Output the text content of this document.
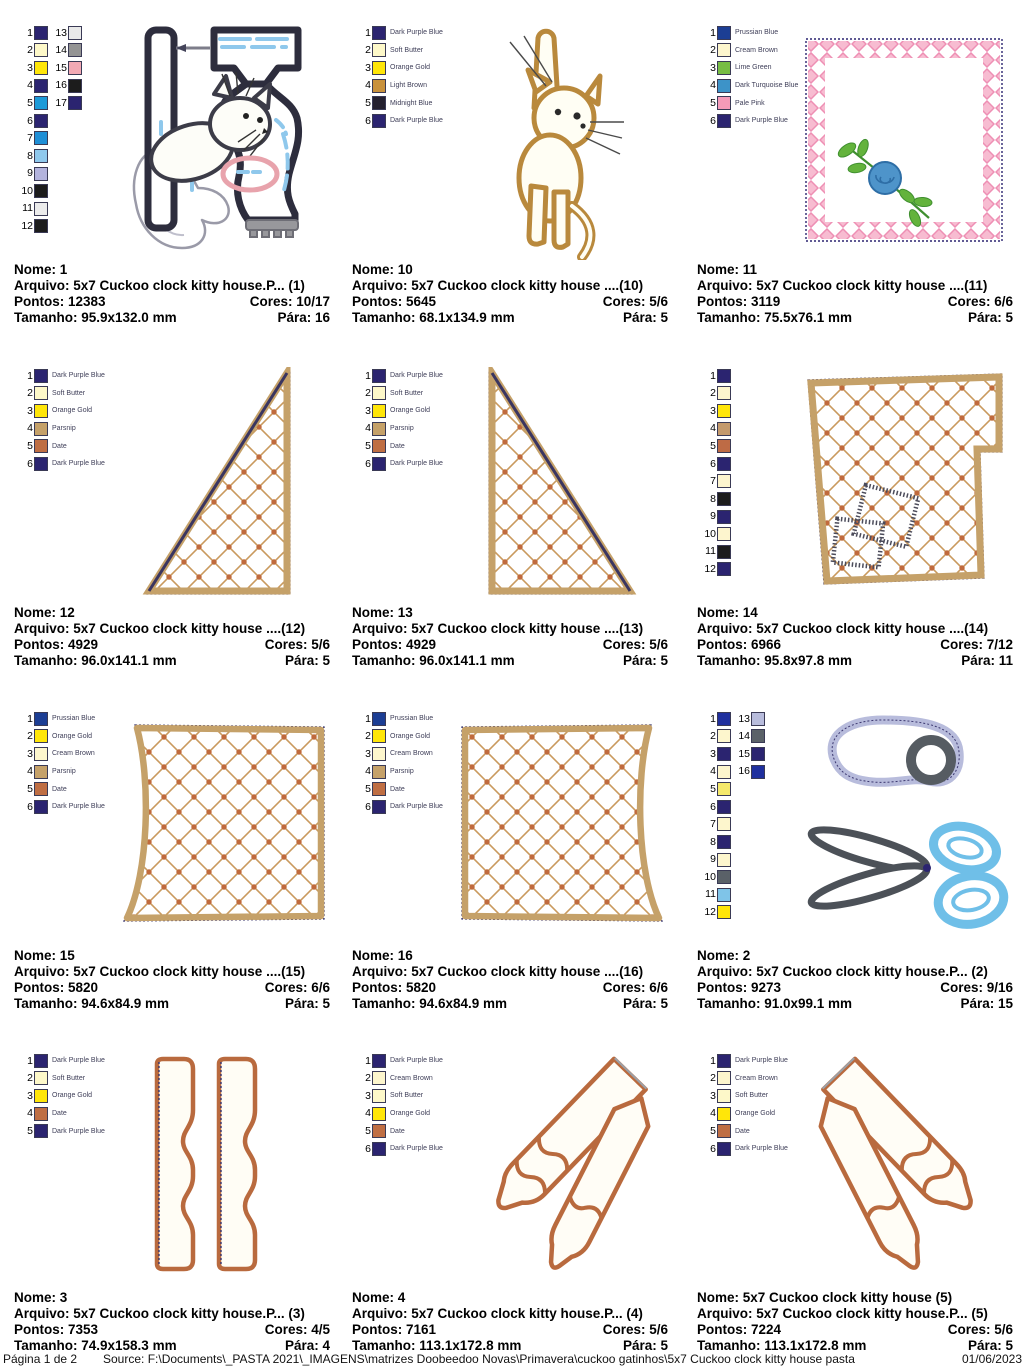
1
2
3
4
5
6
7
8
9
10
11
12
13
14
15
16
17
Nome: 1
Arquivo: 5x7 Cuckoo clock kitty house.P... (1)
Pontos: 12383	Cores: 10/17
Tamanho: 95.9x132.0 mm	Pára: 16
1	Dark Purple Blue
2	Soft Butter
3	Orange Gold
4	Light Brown
5	Midnight Blue
6	Dark Purple Blue
Nome: 10
Arquivo: 5x7 Cuckoo clock kitty house ....(10)
Pontos: 5645	Cores: 5/6
Tamanho: 68.1x134.9 mm	Pára: 5
1	Prussian Blue
2	Cream Brown
3	Lime Green
4	Dark Turquoise Blue
5	Pale Pink
6	Dark Purple Blue
Nome: 11
Arquivo: 5x7 Cuckoo clock kitty house ....(11)
Pontos: 3119	Cores: 6/6
Tamanho: 75.5x76.1 mm	Pára: 5
1	Dark Purple Blue
2	Soft Butter
3	Orange Gold
4	Parsnip
5	Date
6	Dark Purple Blue
Nome: 12
Arquivo: 5x7 Cuckoo clock kitty house ....(12)
Pontos: 4929	Cores: 5/6
Tamanho: 96.0x141.1 mm	Pára: 5
1	Dark Purple Blue
2	Soft Butter
3	Orange Gold
4	Parsnip
5	Date
6	Dark Purple Blue
Nome: 13
Arquivo: 5x7 Cuckoo clock kitty house ....(13)
Pontos: 4929	Cores: 5/6
Tamanho: 96.0x141.1 mm	Pára: 5
1
2
3
4
5
6
7
8
9
10
11
12
Nome: 14
Arquivo: 5x7 Cuckoo clock kitty house ....(14)
Pontos: 6966	Cores: 7/12
Tamanho: 95.8x97.8 mm	Pára: 11
1	Prussian Blue
2	Orange Gold
3	Cream Brown
4	Parsnip
5	Date
6	Dark Purple Blue
Nome: 15
Arquivo: 5x7 Cuckoo clock kitty house ....(15)
Pontos: 5820	Cores: 6/6
Tamanho: 94.6x84.9 mm	Pára: 5
1	Prussian Blue
2	Orange Gold
3	Cream Brown
4	Parsnip
5	Date
6	Dark Purple Blue
Nome: 16
Arquivo: 5x7 Cuckoo clock kitty house ....(16)
Pontos: 5820	Cores: 6/6
Tamanho: 94.6x84.9 mm	Pára: 5
1
2
3
4
5
6
7
8
9
10
11
12
13
14
15
16
Nome: 2
Arquivo: 5x7 Cuckoo clock kitty house.P... (2)
Pontos: 9273	Cores: 9/16
Tamanho: 91.0x99.1 mm	Pára: 15
1	Dark Purple Blue
2	Soft Butter
3	Orange Gold
4	Date
5	Dark Purple Blue
Nome: 3
Arquivo: 5x7 Cuckoo clock kitty house.P... (3)
Pontos: 7353	Cores: 4/5
Tamanho: 74.9x158.3 mm	Pára: 4
1	Dark Purple Blue
2	Cream Brown
3	Soft Butter
4	Orange Gold
5	Date
6	Dark Purple Blue
Nome: 4
Arquivo: 5x7 Cuckoo clock kitty house.P... (4)
Pontos: 7161	Cores: 5/6
Tamanho: 113.1x172.8 mm	Pára: 5
1	Dark Purple Blue
2	Cream Brown
3	Soft Butter
4	Orange Gold
5	Date
6	Dark Purple Blue
Nome: 5x7 Cuckoo clock kitty house (5)
Arquivo: 5x7 Cuckoo clock kitty house.P... (5)
Pontos: 7224	Cores: 5/6
Tamanho: 113.1x172.8 mm	Pára: 5
Página 1 de 2 Source: F:\Documents\_PASTA 2021\_IMAGENS\matrizes Doobeedoo Novas\Primavera\cuckoo gatinhos\5x7 Cuckoo clock kitty house pasta	01/06/2023
